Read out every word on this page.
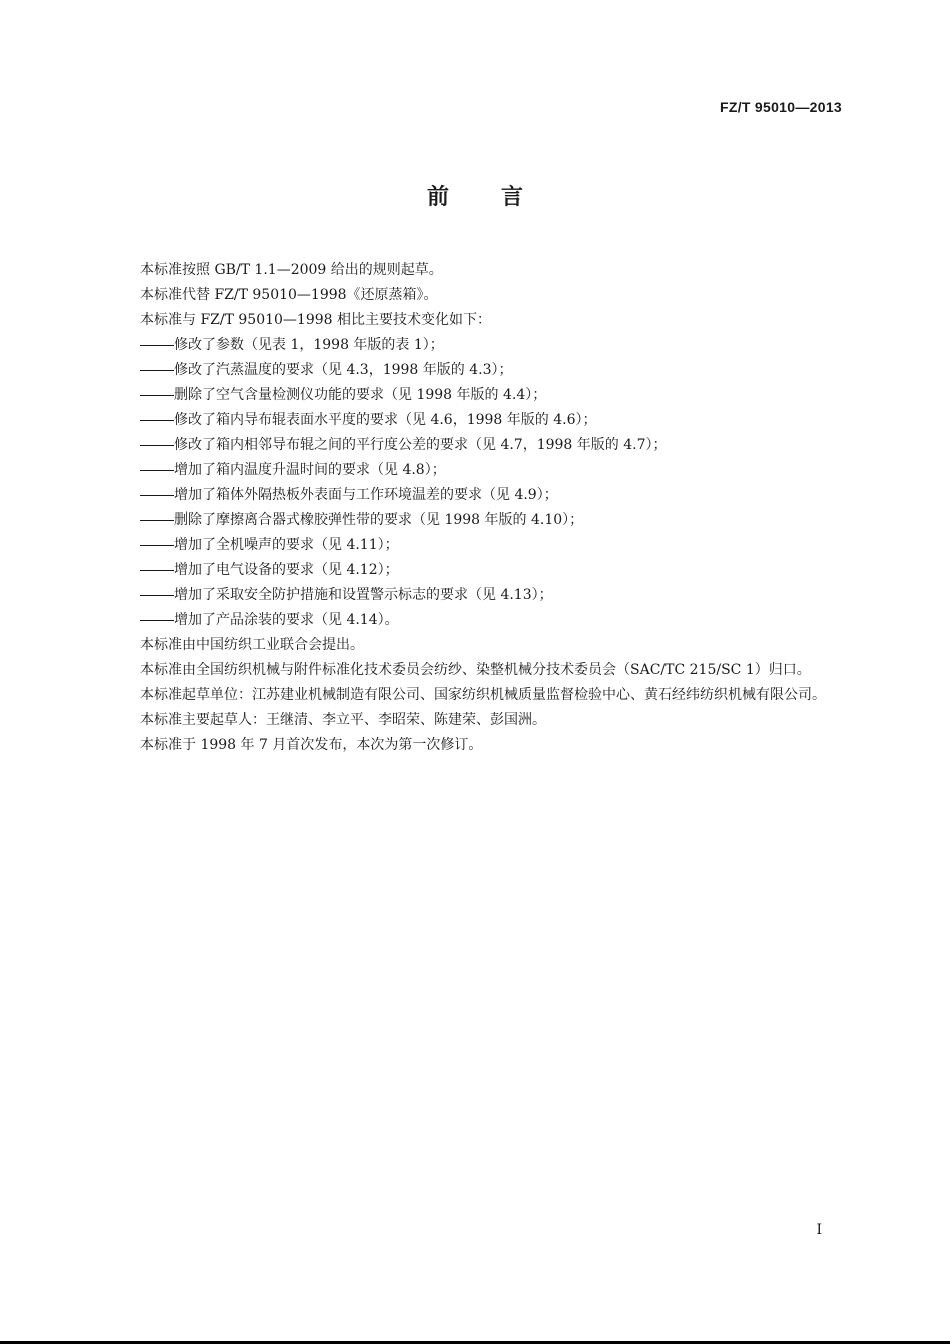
FZ/T 95010—2013
前言

本标准按照 GB/T 1.1—2009 给出的规则起草。

本标准代替 FZ/T 95010—1998《还原蒸箱》。

本标准与 FZ/T 95010—1998 相比主要技术变化如下：

修改了参数（见表 1，1998 年版的表 1）；

修改了汽蒸温度的要求（见 4.3，1998 年版的 4.3）；

删除了空气含量检测仪功能的要求（见 1998 年版的 4.4）；

修改了箱内导布辊表面水平度的要求（见 4.6，1998 年版的 4.6）；

修改了箱内相邻导布辊之间的平行度公差的要求（见 4.7，1998 年版的 4.7）；

增加了箱内温度升温时间的要求（见 4.8）；

增加了箱体外隔热板外表面与工作环境温差的要求（见 4.9）；

删除了摩擦离合器式橡胶弹性带的要求（见 1998 年版的 4.10）；

增加了全机噪声的要求（见 4.11）；

增加了电气设备的要求（见 4.12）；

增加了采取安全防护措施和设置警示标志的要求（见 4.13）；

增加了产品涂装的要求（见 4.14）。

本标准由中国纺织工业联合会提出。

本标准由全国纺织机械与附件标准化技术委员会纺纱、染整机械分技术委员会（SAC/TC 215/SC 1）归口。

本标准起草单位：江苏建业机械制造有限公司、国家纺织机械质量监督检验中心、黄石经纬纺织机械有限公司。

本标准主要起草人：王继清、李立平、李昭荣、陈建荣、彭国洲。

本标准于 1998 年 7 月首次发布，本次为第一次修订。

I
